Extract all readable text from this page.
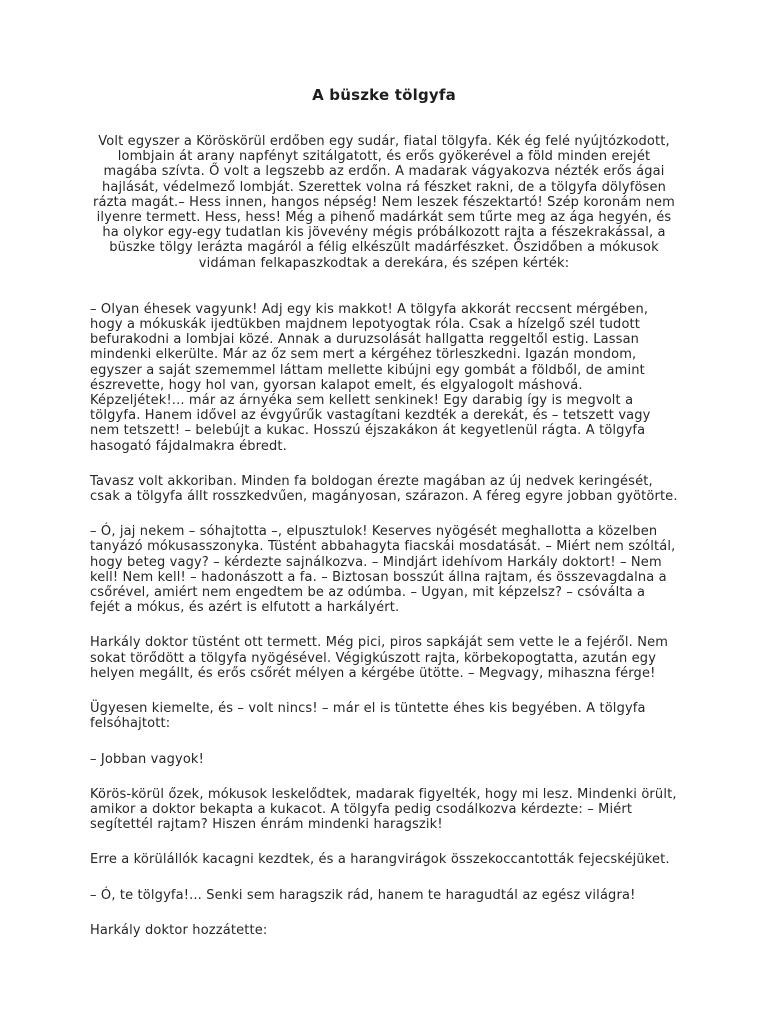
A büszke tölgyfa

Volt egyszer a Köröskörül erdőben egy sudár, fiatal tölgyfa. Kék ég felé nyújtózkodott, lombjain át arany napfényt szitálgatott, és erős gyökerével a föld minden erejét magába szívta. Ő volt a legszebb az erdőn. A madarak vágyakozva nézték erős ágai hajlását, védelmező lombját. Szerettek volna rá fészket rakni, de a tölgyfa dölyfösen rázta magát.– Hess innen, hangos népség! Nem leszek fészektartó! Szép koronám nem ilyenre termett. Hess, hess! Még a pihenő madárkát sem tűrte meg az ága hegyén, és ha olykor egy-egy tudatlan kis jövevény mégis próbálkozott rajta a fészekrakással, a büszke tölgy lerázta magáról a félig elkészült madárfészket. Őszidőben a mókusok vidáman felkapaszkodtak a derekára, és szépen kérték:

– Olyan éhesek vagyunk! Adj egy kis makkot! A tölgyfa akkorát reccsent mérgében, hogy a mókuskák ijedtükben majdnem lepotyogtak róla. Csak a hízelgő szél tudott befurakodni a lombjai közé. Annak a duruzsolását hallgatta reggeltől estig. Lassan mindenki elkerülte. Már az őz sem mert a kérgéhez törleszkedni. Igazán mondom, egyszer a saját szememmel láttam mellette kibújni egy gombát a földből, de amint észrevette, hogy hol van, gyorsan kalapot emelt, és elgyalogolt máshová. Képzeljétek!... már az árnyéka sem kellett senkinek! Egy darabig így is megvolt a tölgyfa. Hanem idővel az évgyűrűk vastagítani kezdték a derekát, és – tetszett vagy nem tetszett! – belebújt a kukac. Hosszú éjszakákon át kegyetlenül rágta. A tölgyfa hasogató fájdalmakra ébredt.

Tavasz volt akkoriban. Minden fa boldogan érezte magában az új nedvek keringését, csak a tölgyfa állt rosszkedvűen, magányosan, szárazon. A féreg egyre jobban gyötörte.

– Ó, jaj nekem – sóhajtotta –, elpusztulok! Keserves nyögését meghallotta a közelben tanyázó mókusasszonyka. Tüstént abbahagyta fiacskái mosdatását. – Miért nem szóltál, hogy beteg vagy? – kérdezte sajnálkozva. – Mindjárt idehívom Harkály doktort! – Nem kell! Nem kell! – hadonászott a fa. – Biztosan bosszút állna rajtam, és összevagdalna a csőrével, amiért nem engedtem be az odúmba. – Ugyan, mit képzelsz? – csóválta a fejét a mókus, és azért is elfutott a harkályért.

Harkály doktor tüstént ott termett. Még pici, piros sapkáját sem vette le a fejéről. Nem sokat törődött a tölgyfa nyögésével. Végigkúszott rajta, körbekopogtatta, azután egy helyen megállt, és erős csőrét mélyen a kérgébe ütötte. – Megvagy, mihaszna férge!

Ügyesen kiemelte, és – volt nincs! – már el is tüntette éhes kis begyében. A tölgyfa felsóhajtott:

– Jobban vagyok!

Körös-körül őzek, mókusok leskelődtek, madarak figyelték, hogy mi lesz. Mindenki örült, amikor a doktor bekapta a kukacot. A tölgyfa pedig csodálkozva kérdezte: – Miért segítettél rajtam? Hiszen énrám mindenki haragszik!

Erre a körülállók kacagni kezdtek, és a harangvirágok összekoccantották fejecskéjüket.

– Ó, te tölgyfa!... Senki sem haragszik rád, hanem te haragudtál az egész világra!

Harkály doktor hozzátette:
